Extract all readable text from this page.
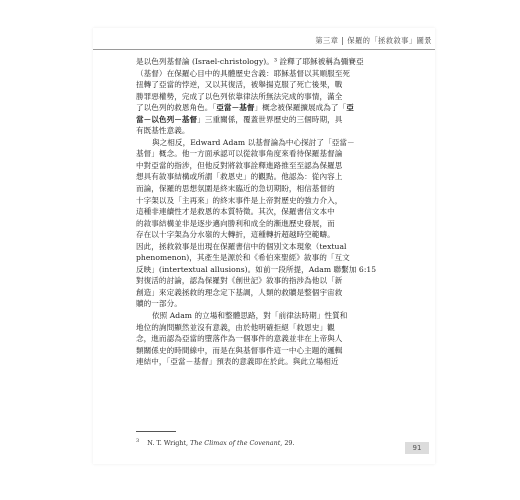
第三章 保羅的「拯救敘事」圖景
是以色列基督論 (Israel-christology)。³ 詮釋了耶穌被稱為彌賽亞
（基督）在保羅心目中的具體歷史含義：耶穌基督以其順服至死
扭轉了亞當的悖逆，又以其復活，被舉揚克服了死亡後果，戰
勝罪惡權勢，完成了以色列依靠律法所無法完成的事情，滿全
了以色列的救恩角色。「亞當－基督」概念被保羅擴展成為了「亞
當－以色列－基督」三重關係，覆蓋世界歷史的三個時期，具
有既基性意義。
與之相反，Edward Adam 以基督論為中心探討了「亞當－
基督」概念。他一方面承認可以從敘事角度來看待保羅基督論
中對亞當的指涉，但他反對將敘事詮釋進路推至至認為保羅思
想具有敘事結構或所謂「救恩史」的觀點。他認為：從內容上
而論，保羅的思想氛圍是終末臨近的急切期盼，相信基督的
十字架以及「主再來」的終末事件是上帝對歷史的強力介入，
這種非連續性才是救恩的本質特徵。其次，保羅書信文本中
的敘事結構並非是逐步邁向勝利和成全的漸進歷史發展，而
存在以十字架為分水嶺的大轉折，這種轉折超越時空範疇。
因此，拯救敘事是出現在保羅書信中的個別文本現象（textual
phenomenon)，其產生是源於和《希伯來聖經》敘事的「互文
反映」(intertextual allusions)。如前一段所提，Adam 聯繫加 6:15
對復活的討論，認為保羅對《創世記》敘事的指涉為他以「新
創造」來定義拯救的理念定下基調，人類的救贖是整個宇宙救
贖的一部分。
依照 Adam 的立場和整體思路，對「前律法時期」性質和
地位的詢問顯然並沒有意義，由於他明確拒絕「救恩史」觀
念，進而認為亞當的墮落作為一個事件的意義並非在上帝與人
類關係史的時間線中，而是在與基督事件這一中心主題的邏輯
連結中，「亞當－基督」預表的意義即在於此。與此立場相近
$^3$ N. T. Wright, The Climax of the Covenant, 29.
91
